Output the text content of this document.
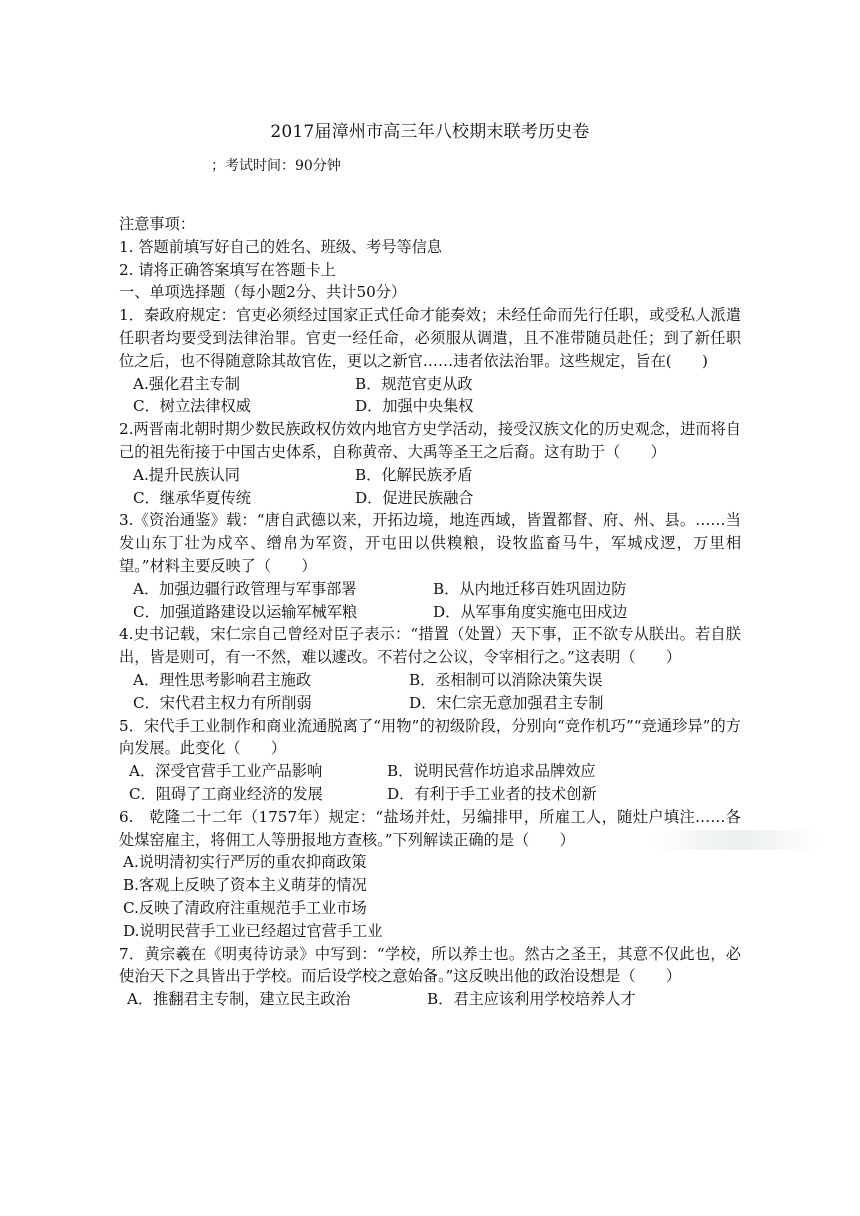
2017届漳州市高三年八校期末联考历史卷
；考试时间：90分钟
注意事项：
1. 答题前填写好自己的姓名、班级、考号等信息
2. 请将正确答案填写在答题卡上
一、单项选择题（每小题2分、共计50分）
1．秦政府规定：官吏必须经过国家正式任命才能奏效；未经任命而先行任职，或受私人派遣任职者均要受到法律治罪。官吏一经任命，必须服从调遣，且不准带随员赴任；到了新任职位之后，也不得随意除其故官佐，更以之新官……违者依法治罪。这些规定，旨在(　　)
A.强化君主专制	B．规范官吏从政
C．树立法律权威	D．加强中央集权
2.两晋南北朝时期少数民族政权仿效内地官方史学活动，接受汉族文化的历史观念，进而将自己的祖先衔接于中国古史体系，自称黄帝、大禹等圣王之后裔。这有助于（　　）
A.提升民族认同	B．化解民族矛盾
C．继承华夏传统	D．促进民族融合
3.《资治通鉴》载：“唐自武德以来，开拓边境，地连西域，皆置都督、府、州、县。……当发山东丁壮为戍卒、缯帛为军资，开屯田以供糗粮，设牧监畜马牛，军城戍逻，万里相望。”材料主要反映了（　　）
A．加强边疆行政管理与军事部署	B．从内地迁移百姓巩固边防
C．加强道路建设以运输军械军粮	D．从军事角度实施屯田戍边
4.史书记载，宋仁宗自己曾经对臣子表示：“措置（处置）天下事，正不欲专从朕出。若自朕出，皆是则可，有一不然，难以遽改。不若付之公议，令宰相行之。”这表明（　　）
A．理性思考影响君主施政	B．丞相制可以消除决策失误
C．宋代君主权力有所削弱	D．宋仁宗无意加强君主专制
5．宋代手工业制作和商业流通脱离了“用物”的初级阶段，分别向“竞作机巧”“竞通珍异”的方向发展。此变化（　　）
A．深受官营手工业产品影响	B．说明民营作坊追求品牌效应
C．阻碍了工商业经济的发展	D．有利于手工业者的技术创新
6.　乾隆二十二年（1757年）规定：“盐场并灶，另编排甲，所雇工人，随灶户填注……各处煤窑雇主，将佣工人等册报地方查核。”下列解读正确的是（　　）
A.说明清初实行严厉的重农抑商政策
B.客观上反映了资本主义萌芽的情况
C.反映了清政府注重规范手工业市场
D.说明民营手工业已经超过官营手工业
7．黄宗羲在《明夷待访录》中写到：“学校，所以养士也。然古之圣王，其意不仅此也，必使治天下之具皆出于学校。而后设学校之意始备。”这反映出他的政治设想是（　　）
A．推翻君主专制，建立民主政治	B．君主应该利用学校培养人才
